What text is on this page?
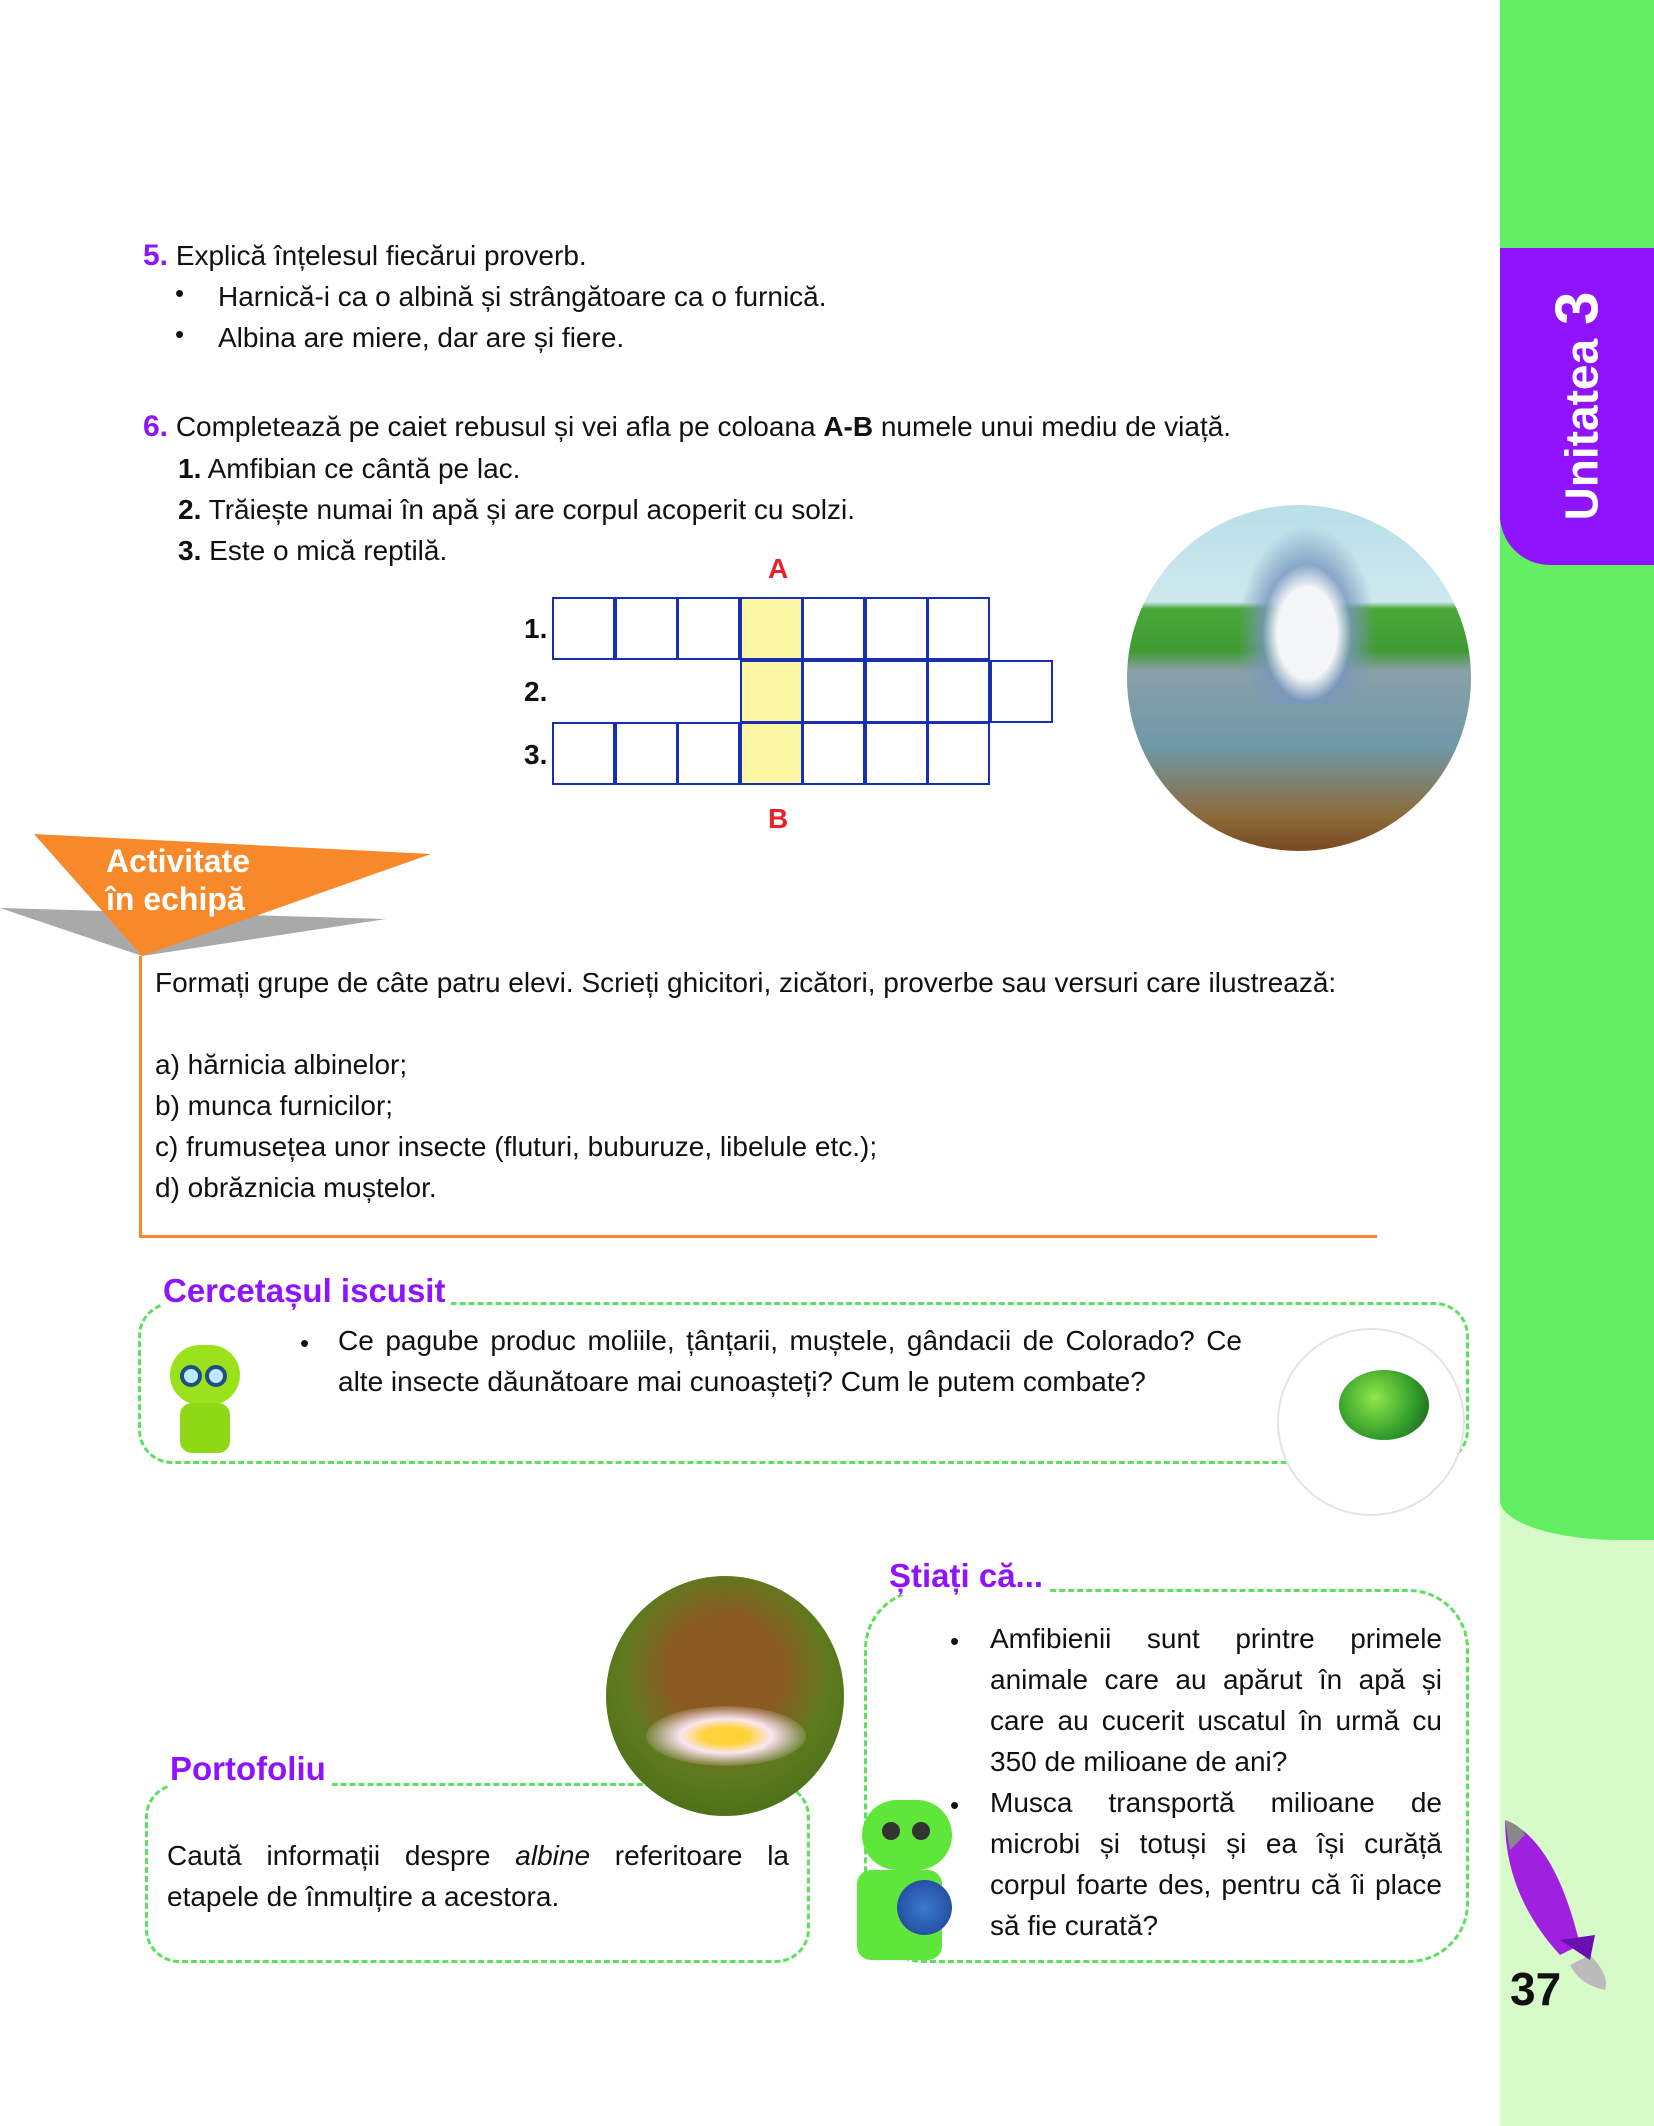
Unitatea3
5. Explică înțelesul fiecărui proverb.
• Harnică-i ca o albină și strângătoare ca o furnică.
• Albina are miere, dar are și fiere.
6. Completează pe caiet rebusul și vei afla pe coloana A-B numele unui mediu de viață.
1. Amfibian ce cântă pe lac.
2. Trăiește numai în apă și are corpul acoperit cu solzi.
3. Este o mică reptilă.
A
B
1.
2.
3.
Activitate
în echipă
Formați grupe de câte patru elevi. Scrieți ghicitori, zicători, proverbe sau versuri care ilustrează:
a) hărnicia albinelor;
b) munca furnicilor;
c) frumusețea unor insecte (fluturi, buburuze, libelule etc.);
d) obrăznicia muștelor.
Cercetașul iscusit
• Ce pagube produc moliile, țânțarii, muștele, gândacii de Colorado? Ce alte insecte dăunătoare mai cunoașteți? Cum le putem combate?
Știați că...
• Amfibienii sunt printre primele animale care au apărut în apă și care au cucerit uscatul în urmă cu 350 de milioane de ani?
• Musca transportă milioane de microbi și totuși și ea își curăță corpul foarte des, pentru că îi place să fie curată?
Portofoliu
Caută informații despre albine referitoare la etapele de înmulțire a acestora.
37
